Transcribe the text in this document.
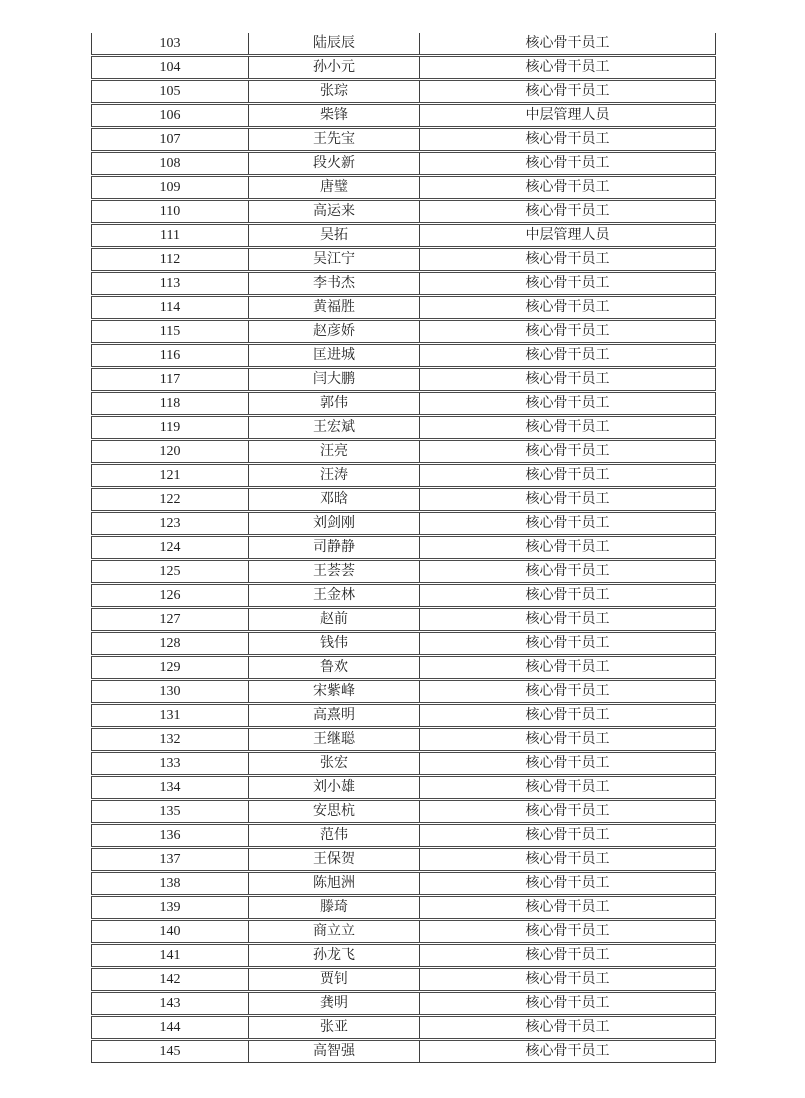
103	陆辰辰	核心骨干员工
104	孙小元	核心骨干员工
105	张琮	核心骨干员工
106	柴锋	中层管理人员
107	王先宝	核心骨干员工
108	段火新	核心骨干员工
109	唐璧	核心骨干员工
110	高运来	核心骨干员工
111	吴拓	中层管理人员
112	吴江宁	核心骨干员工
113	李书杰	核心骨干员工
114	黄福胜	核心骨干员工
115	赵彦娇	核心骨干员工
116	匡进城	核心骨干员工
117	闫大鹏	核心骨干员工
118	郭伟	核心骨干员工
119	王宏斌	核心骨干员工
120	汪亮	核心骨干员工
121	汪涛	核心骨干员工
122	邓晗	核心骨干员工
123	刘剑刚	核心骨干员工
124	司静静	核心骨干员工
125	王荟荟	核心骨干员工
126	王金林	核心骨干员工
127	赵前	核心骨干员工
128	钱伟	核心骨干员工
129	鲁欢	核心骨干员工
130	宋紫峰	核心骨干员工
131	高熹明	核心骨干员工
132	王继聪	核心骨干员工
133	张宏	核心骨干员工
134	刘小雄	核心骨干员工
135	安思杭	核心骨干员工
136	范伟	核心骨干员工
137	王保贺	核心骨干员工
138	陈旭洲	核心骨干员工
139	滕琦	核心骨干员工
140	商立立	核心骨干员工
141	孙龙飞	核心骨干员工
142	贾钊	核心骨干员工
143	龚明	核心骨干员工
144	张亚	核心骨干员工
145	高智强	核心骨干员工
